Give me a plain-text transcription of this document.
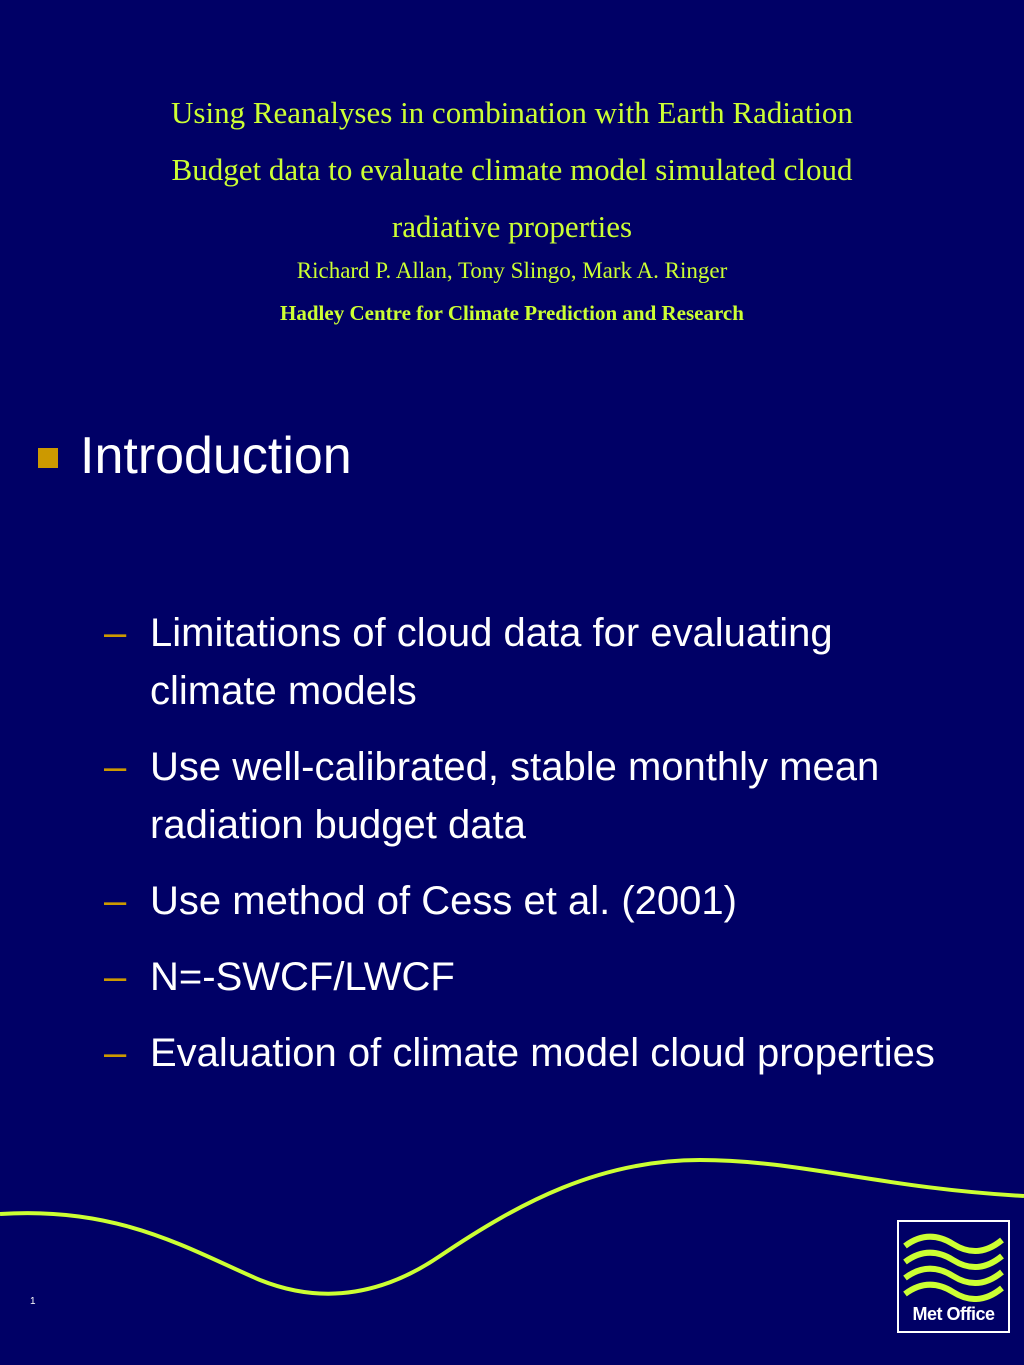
Using Reanalyses in combination with Earth Radiation
Budget data to evaluate climate model simulated cloud
radiative properties
Richard P. Allan, Tony Slingo, Mark A. Ringer
Hadley Centre for Climate Prediction and Research
Introduction
– Limitations of cloud data for evaluating climate models
– Use well-calibrated, stable monthly mean radiation budget data
– Use method of Cess et al. (2001)
– N=-SWCF/LWCF
– Evaluation of climate model cloud properties
1
Met Office
